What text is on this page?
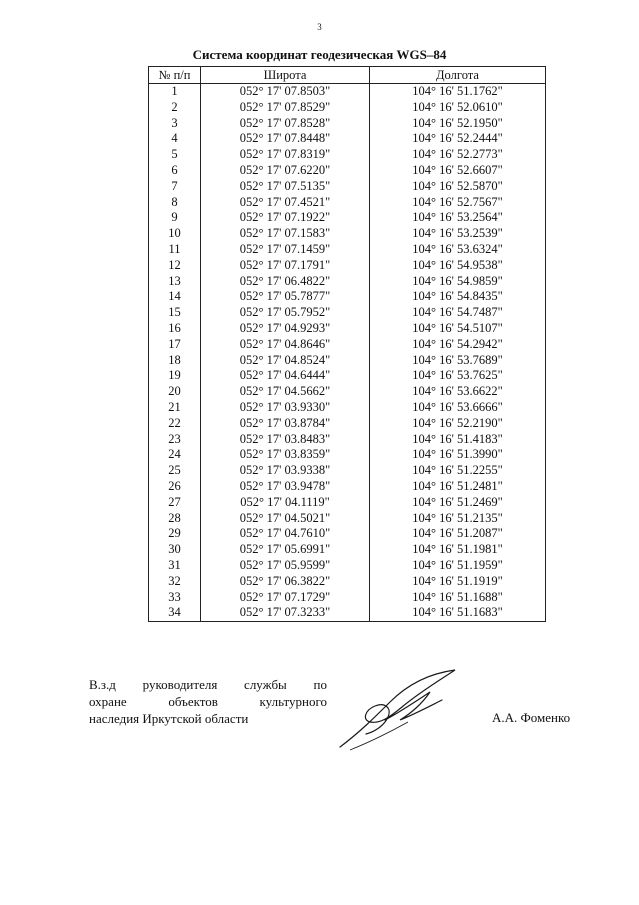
3
Система координат геодезическая WGS–84
№ п/п	Широта	Долгота
1	052° 17' 07.8503"	104° 16' 51.1762"
2	052° 17' 07.8529"	104° 16' 52.0610"
3	052° 17' 07.8528"	104° 16' 52.1950"
4	052° 17' 07.8448"	104° 16' 52.2444"
5	052° 17' 07.8319"	104° 16' 52.2773"
6	052° 17' 07.6220"	104° 16' 52.6607"
7	052° 17' 07.5135"	104° 16' 52.5870"
8	052° 17' 07.4521"	104° 16' 52.7567"
9	052° 17' 07.1922"	104° 16' 53.2564"
10	052° 17' 07.1583"	104° 16' 53.2539"
11	052° 17' 07.1459"	104° 16' 53.6324"
12	052° 17' 07.1791"	104° 16' 54.9538"
13	052° 17' 06.4822"	104° 16' 54.9859"
14	052° 17' 05.7877"	104° 16' 54.8435"
15	052° 17' 05.7952"	104° 16' 54.7487"
16	052° 17' 04.9293"	104° 16' 54.5107"
17	052° 17' 04.8646"	104° 16' 54.2942"
18	052° 17' 04.8524"	104° 16' 53.7689"
19	052° 17' 04.6444"	104° 16' 53.7625"
20	052° 17' 04.5662"	104° 16' 53.6622"
21	052° 17' 03.9330"	104° 16' 53.6666"
22	052° 17' 03.8784"	104° 16' 52.2190"
23	052° 17' 03.8483"	104° 16' 51.4183"
24	052° 17' 03.8359"	104° 16' 51.3990"
25	052° 17' 03.9338"	104° 16' 51.2255"
26	052° 17' 03.9478"	104° 16' 51.2481"
27	052° 17' 04.1119"	104° 16' 51.2469"
28	052° 17' 04.5021"	104° 16' 51.2135"
29	052° 17' 04.7610"	104° 16' 51.2087"
30	052° 17' 05.6991"	104° 16' 51.1981"
31	052° 17' 05.9599"	104° 16' 51.1959"
32	052° 17' 06.3822"	104° 16' 51.1919"
33	052° 17' 07.1729"	104° 16' 51.1688"
34	052° 17' 07.3233"	104° 16' 51.1683"
В.з.д руководителя службы по
охране	объектов	культурного
наследия Иркутской области	А.А. Фоменко
